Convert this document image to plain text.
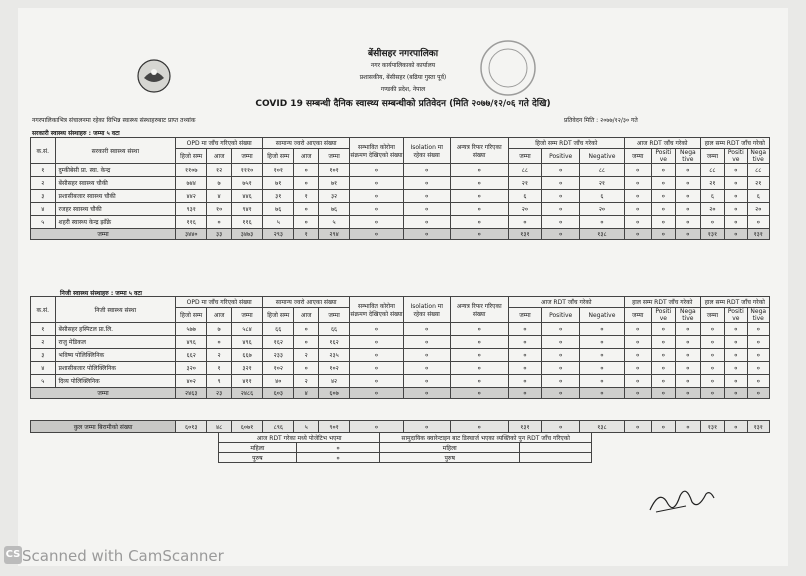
बेंसीसहर नगरपालिका
नगर कार्यपालिकाको कार्यालय
प्रशासकीय, बेंसीसहर (बढिया गुस्ता पूर्व)
गण्डकी प्रदेश, नेपाल
COVID 19 सम्बन्धी दैनिक स्वास्थ्य सम्बन्धीको प्रतिवेदन (मिति २०७७/१२/०६ गते देखि)
नगरपालिकाभित्र संचालनमा रहेका विभिन्न स्वास्थ्य संस्थाहरुबाट प्राप्त तथ्यांक	प्रतिवेदन मिति : २०७७/१२/३० गते
सरकारी स्वास्थ्य संस्थाहरु : जम्मा ५ वटा
क.सं.	सरकारी स्वास्थ्य संस्था	OPD मा जाँच गरिएको संख्या			सामान्य ज्वरो आएका संख्या			सम्भावित कोरोना संक्रमण देखिएको संख्या	Isolation मा रहेका संख्या	अन्यत्र रिफर गरिएका संख्या	हिजो सम्म RDT जाँच गरेको			आज RDT जाँच गरेको			हाल सम्म RDT जाँच गरेको		
		हिजो सम्म	आज	जम्मा	हिजो सम्म	आज	जम्मा				जम्मा	Positive	Negative	जम्मा	Positi
ve	Nega
tive	जम्मा	Positi
ve	Nega
tive
१	दुम्कीबेसी प्रा. स्वा. केन्द्र	११०७	१२	१११०	१०१	०	१०१	०	०	०	८८	०	८८	०	०	०	८८	०	८८
२	बेंसीसहर स्वास्थ्य चौकी	७४४	७	७५१	७१	०	७१	०	०	०	२१	०	२१	०	०	०	२१	०	२१
३	प्रशासीबजार स्वास्थ्य चौकी	४४२	४	४४६	३१	१	३२	०	०	०	६	०	६	०	०	०	६	०	६
४	रजहर स्वास्थ्य चौकी	९३१	१०	९४१	७६	०	७६	०	०	०	२०	०	२०	०	०	०	२०	०	२०
५	शहरी स्वास्थ्य केन्द्र झाँक्रे	११६	०	११६	५	०	५	०	०	०	०	०	०	०	०	०	०	०	०
जम्मा		३४४०	३३	३४७३	२९३	१	२९४	०	०	०	१३१	०	१३८	०	०	०	१३१	०	१३१
निजी स्वास्थ्य संस्थाहरु : जम्मा ५ वटा
क.सं.	निजी स्वास्थ्य संस्था	OPD मा जाँच गरिएको संख्या			सामान्य ज्वरो आएका संख्या			सम्भावित कोरोना संक्रमण देखिएको संख्या	Isolation मा रहेका संख्या	अन्यत्र रिफर गरिएका संख्या	आज RDT जाँच गरेको			हाल सम्म RDT जाँच गरेको			हाल सम्म RDT जाँच गरेको		
		हिजो सम्म	आज	जम्मा	हिजो सम्म	आज	जम्मा				जम्मा	Positive	Negative	जम्मा	Positi
ve	Nega
tive	जम्मा	Positi
ve	Nega
tive
१	बेंसीसहर हस्पिटल प्रा.लि.	५७७	७	५८४	६६	०	६६	०	०	०	०	०	०	०	०	०	०	०	०
२	राजु मेडिकल	४९६	०	४९६	१६२	०	१६२	०	०	०	०	०	०	०	०	०	०	०	०
३	भविष्य पोलिक्लिनिक	६६२	२	६६७	२३३	२	२३५	०	०	०	०	०	०	०	०	०	०	०	०
४	प्रशासीबजार पोलिक्लिनिक	३२०	१	३२१	१०२	०	१०२	०	०	०	०	०	०	०	०	०	०	०	०
५	दिव्य पोलिक्लिनिक	४०२	९	४११	४०	२	४२	०	०	०	०	०	०	०	०	०	०	०	०
जम्मा		२४६३	२३	२४८६	६०३	४	६०७	०	०	०	०	०	०	०	०	०	०	०	०
कुल जम्मा बिरामीको संख्या	६०१३	४८	६०७१	८९६	५	९०१	०	०	०	१३१	०	१३८	०	०	०	१३१	०	१३१
आज RDT गरेका मध्ये पोजेटिभ भएमा		सामुदायिक क्वारेन्टाइन बाट डिस्चार्ज भएका व्यक्तिको पुन RDT जाँच गरिएको	
महिला	०	महिला	
पुरुष	०	पुरुष	
CS Scanned with CamScanner
